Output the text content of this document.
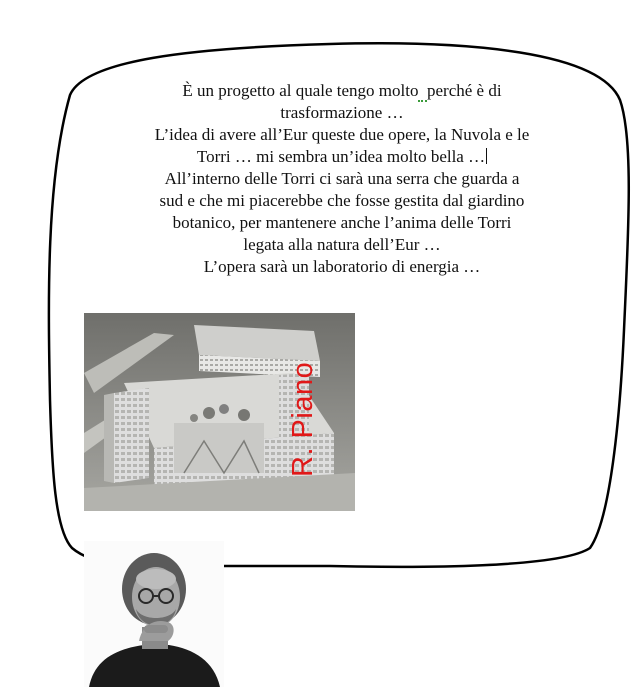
È un progetto al quale tengo molto perché è di
trasformazione …
L’idea di avere all’Eur queste due opere, la Nuvola e le
Torri … mi sembra un’idea molto bella …
All’interno delle Torri ci sarà una serra che guarda a
sud e che mi piacerebbe che fosse gestita dal giardino
botanico, per mantenere anche l’anima delle Torri
legata alla natura dell’Eur …
L’opera sarà un laboratorio di energia …
R. Piano
